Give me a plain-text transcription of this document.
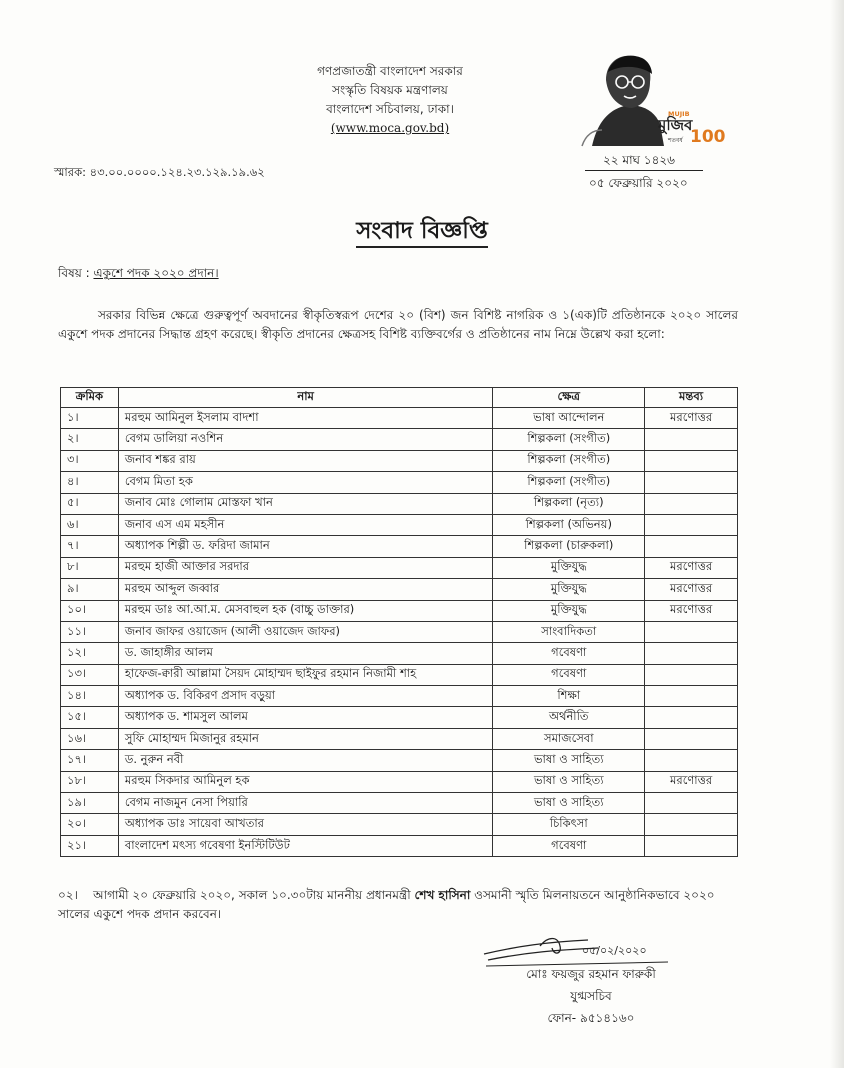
গণপ্রজাতন্ত্রী বাংলাদেশ সরকার
সংস্কৃতি বিষয়ক মন্ত্রণালয়
বাংলাদেশ সচিবালয়, ঢাকা।
(www.moca.gov.bd)
MUJIB
মুজিব
শতবর্ষ 100
স্মারক: ৪৩.০০.০০০০.১২৪.২৩.১২৯.১৯.৬২
২২ মাঘ ১৪২৬
০৫ ফেব্রুয়ারি ২০২০
সংবাদ বিজ্ঞপ্তি
বিষয় : একুশে পদক ২০২০ প্রদান।
সরকার বিভিন্ন ক্ষেত্রে গুরুত্বপূর্ণ অবদানের স্বীকৃতিস্বরূপ দেশের ২০ (বিশ) জন বিশিষ্ট নাগরিক ও ১(এক)টি প্রতিষ্ঠানকে ২০২০ সালের একুশে পদক প্রদানের সিদ্ধান্ত গ্রহণ করেছে। স্বীকৃতি প্রদানের ক্ষেত্রসহ বিশিষ্ট ব্যক্তিবর্গের ও প্রতিষ্ঠানের নাম নিম্নে উল্লেখ করা হলো:
ক্রমিক	নাম	ক্ষেত্র	মন্তব্য
১।	মরহুম আমিনুল ইসলাম বাদশা	ভাষা আন্দোলন	মরণোত্তর
২।	বেগম ডালিয়া নওশিন	শিল্পকলা (সংগীত)	
৩।	জনাব শঙ্কর রায়	শিল্পকলা (সংগীত)	
৪।	বেগম মিতা হক	শিল্পকলা (সংগীত)	
৫।	জনাব মোঃ গোলাম মোস্তফা খান	শিল্পকলা (নৃত্য)	
৬।	জনাব এস এম মহসীন	শিল্পকলা (অভিনয়)	
৭।	অধ্যাপক শিল্পী ড. ফরিদা জামান	শিল্পকলা (চারুকলা)	
৮।	মরহুম হাজী আক্তার সরদার	মুক্তিযুদ্ধ	মরণোত্তর
৯।	মরহুম আব্দুল জব্বার	মুক্তিযুদ্ধ	মরণোত্তর
১০।	মরহুম ডাঃ আ.আ.ম. মেসবাহুল হক (বাচ্চু ডাক্তার)	মুক্তিযুদ্ধ	মরণোত্তর
১১।	জনাব জাফর ওয়াজেদ (আলী ওয়াজেদ জাফর)	সাংবাদিকতা	
১২।	ড. জাহাঙ্গীর আলম	গবেষণা	
১৩।	হাফেজ-ক্বারী আল্লামা সৈয়দ মোহাম্মদ ছাইফুর রহমান নিজামী শাহ	গবেষণা	
১৪।	অধ্যাপক ড. বিকিরণ প্রসাদ বড়ুয়া	শিক্ষা	
১৫।	অধ্যাপক ড. শামসুল আলম	অর্থনীতি	
১৬।	সুফি মোহাম্মদ মিজানুর রহমান	সমাজসেবা	
১৭।	ড. নুরুন নবী	ভাষা ও সাহিত্য	
১৮।	মরহুম সিকদার আমিনুল হক	ভাষা ও সাহিত্য	মরণোত্তর
১৯।	বেগম নাজমুন নেসা পিয়ারি	ভাষা ও সাহিত্য	
২০।	অধ্যাপক ডাঃ সায়েবা আখতার	চিকিৎসা	
২১।	বাংলাদেশ মৎস্য গবেষণা ইনস্টিটিউট	গবেষণা	
০২। আগামী ২০ ফেব্রুয়ারি ২০২০, সকাল ১০.৩০টায় মাননীয় প্রধানমন্ত্রী শেখ হাসিনা ওসমানী স্মৃতি মিলনায়তনে আনুষ্ঠানিকভাবে ২০২০ সালের একুশে পদক প্রদান করবেন।
০৫/০২/২০২০
মোঃ ফয়জুর রহমান ফারুকী
যুগ্মসচিব
ফোন- ৯৫১৪১৬০
